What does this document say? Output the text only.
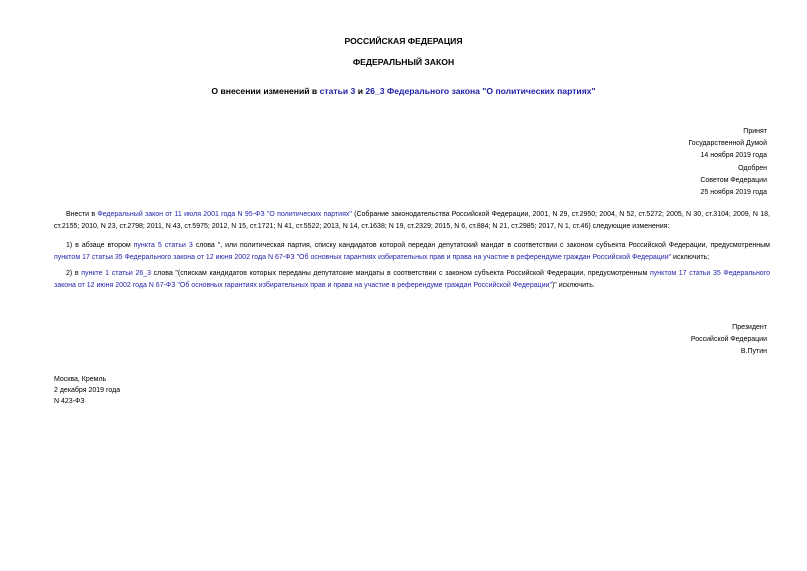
РОССИЙСКАЯ ФЕДЕРАЦИЯ
ФЕДЕРАЛЬНЫЙ ЗАКОН
О внесении изменений в статьи 3 и 26_3 Федерального закона "О политических партиях"
Принят
Государственной Думой
14 ноября 2019 года
Одобрен
Советом Федерации
25 ноября 2019 года
Внести в Федеральный закон от 11 июля 2001 года N 95-ФЗ "О политических партиях" (Собрание законодательства Российской Федерации, 2001, N 29, ст.2950; 2004, N 52, ст.5272; 2005, N 30, ст.3104; 2009, N 18, ст.2155; 2010, N 23, ст.2798; 2011, N 43, ст.5975; 2012, N 15, ст.1721; N 41, ст.5522; 2013, N 14, ст.1638; N 19, ст.2329; 2015, N 6, ст.884; N 21, ст.2985; 2017, N 1, ст.46) следующие изменения:
1) в абзаце втором пункта 5 статьи 3 слова ", или политическая партия, списку кандидатов которой передан депутатский мандат в соответствии с законом субъекта Российской Федерации, предусмотренным пунктом 17 статьи 35 Федерального закона от 12 июня 2002 года N 67-ФЗ "Об основных гарантиях избирательных прав и права на участие в референдуме граждан Российской Федерации" исключить;
2) в пункте 1 статьи 26_3 слова "(спискам кандидатов которых переданы депутатские мандаты в соответствии с законом субъекта Российской Федерации, предусмотренным пунктом 17 статьи 35 Федерального закона от 12 июня 2002 года N 67-ФЗ "Об основных гарантиях избирательных прав и права на участие в референдуме граждан Российской Федерации")" исключить.
Президент
Российской Федерации
В.Путин
Москва, Кремль
2 декабря 2019 года
N 423-ФЗ
